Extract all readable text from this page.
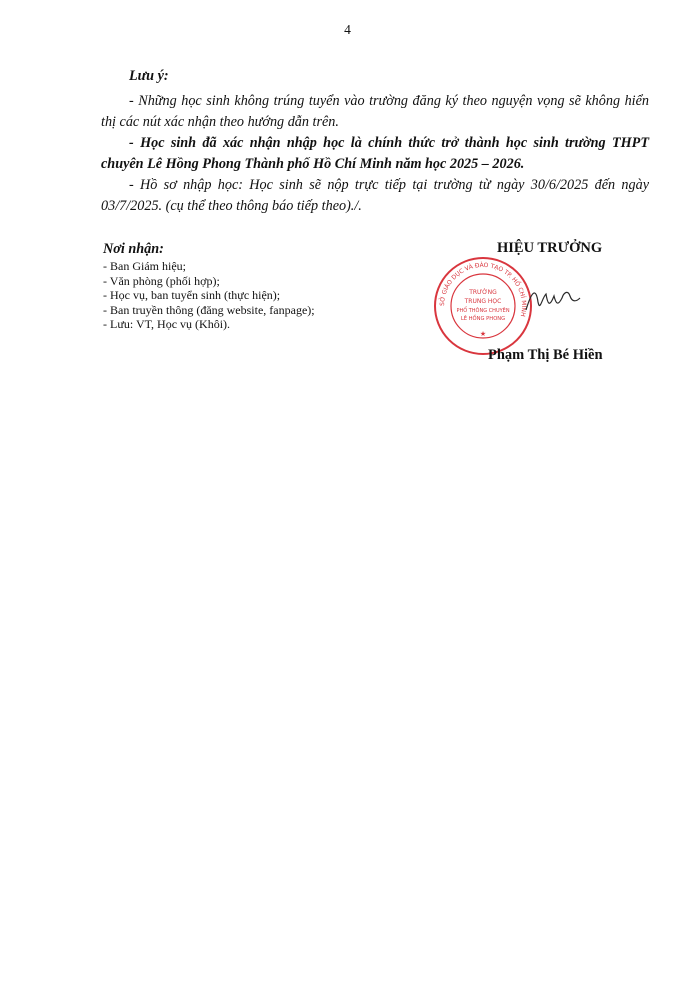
4

Lưu ý:

- Những học sinh không trúng tuyển vào trường đăng ký theo nguyện vọng sẽ không hiển thị các nút xác nhận theo hướng dẫn trên.

- Học sinh đã xác nhận nhập học là chính thức trở thành học sinh trường THPT chuyên Lê Hồng Phong Thành phố Hồ Chí Minh năm học 2025 – 2026.

- Hồ sơ nhập học: Học sinh sẽ nộp trực tiếp tại trường từ ngày 30/6/2025 đến ngày 03/7/2025. (cụ thể theo thông báo tiếp theo)./.

Nơi nhận:
- Ban Giám hiệu;
- Văn phòng (phối hợp);
- Học vụ, ban tuyển sinh (thực hiện);
- Ban truyền thông (đăng website, fanpage);
- Lưu: VT, Học vụ (Khôi).
HIỆU TRƯỞNG
SỞ GIÁO DỤC VÀ ĐÀO TẠO TP. HỒ CHÍ MINH
TRƯỜNG
TRUNG HỌC
PHỔ THÔNG CHUYÊN
LÊ HỒNG PHONG
★
Phạm Thị Bé Hiền
